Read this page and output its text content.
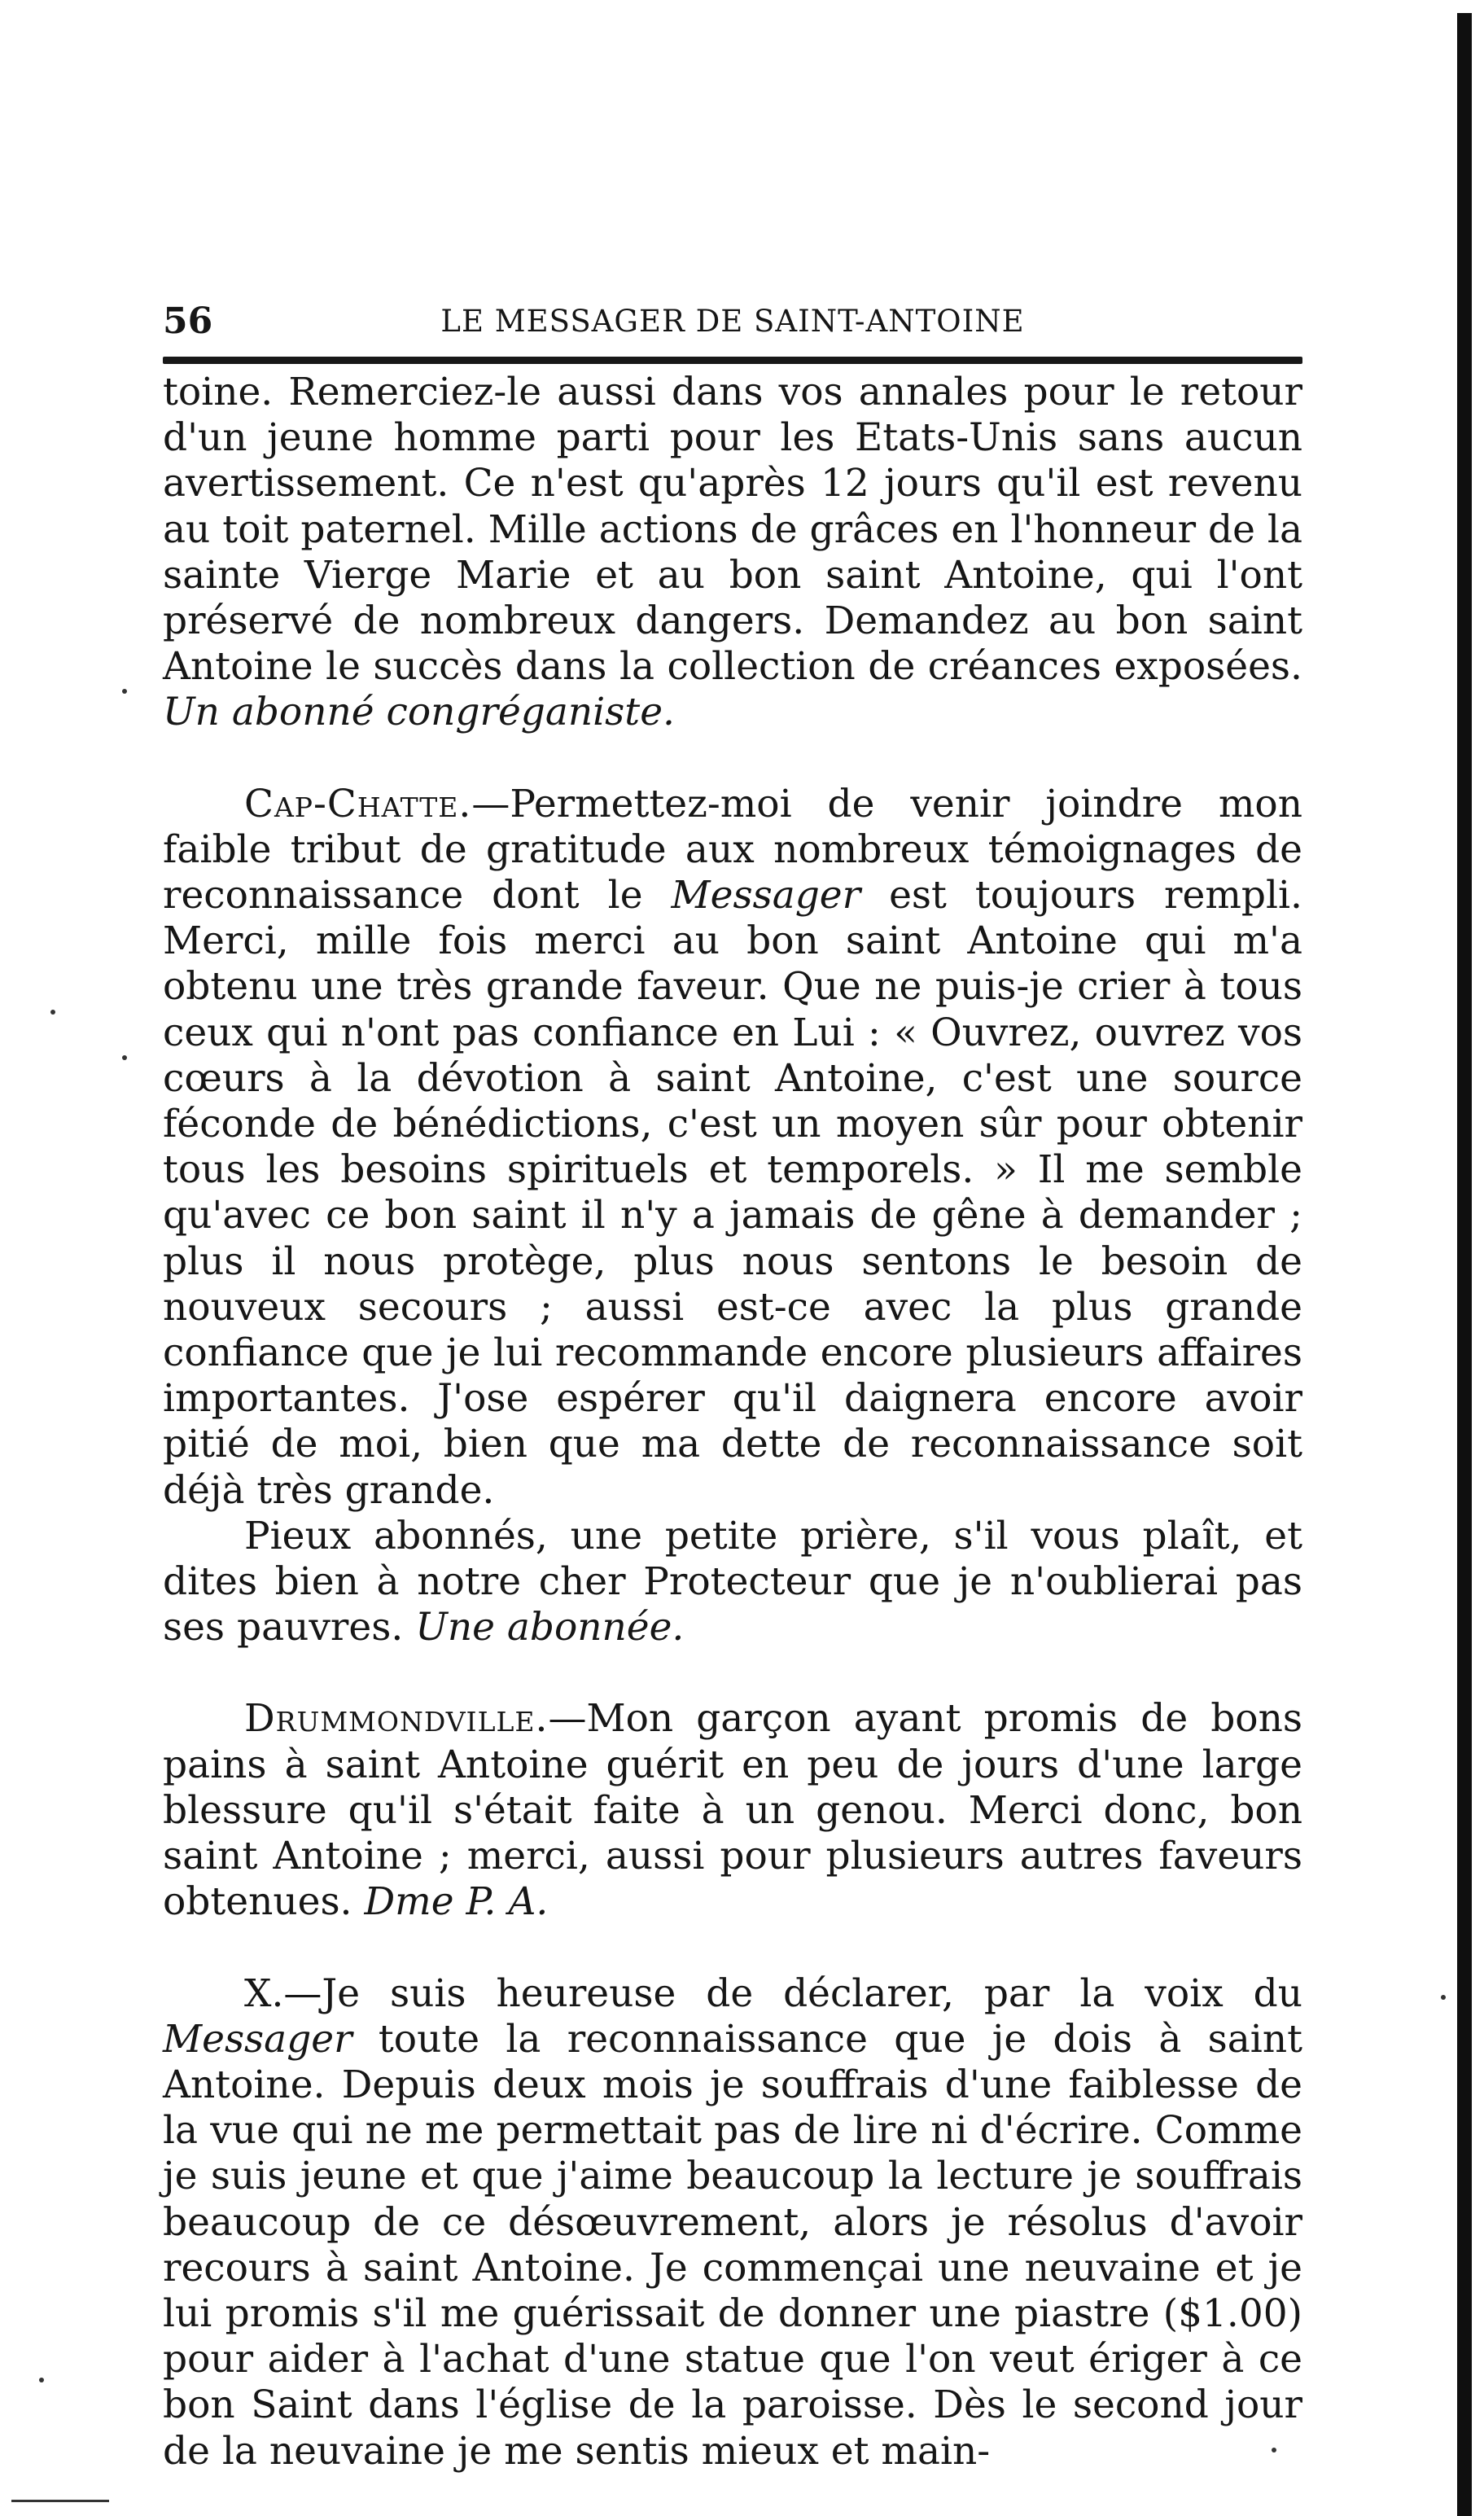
56	LE MESSAGER DE SAINT-ANTOINE

toine. Remerciez-le aussi dans vos annales pour le retour d'un jeune homme parti pour les Etats-Unis sans aucun avertissement. Ce n'est qu'après 12 jours qu'il est revenu au toit paternel. Mille actions de grâces en l'honneur de la sainte Vierge Marie et au bon saint Antoine, qui l'ont préservé de nombreux dangers. Demandez au bon saint Antoine le succès dans la collection de créances exposées. Un abonné congréganiste.

Cap-Chatte.—Permettez-moi de venir joindre mon faible tribut de gratitude aux nombreux témoignages de reconnaissance dont le Messager est toujours rempli. Merci, mille fois merci au bon saint Antoine qui m'a obtenu une très grande faveur. Que ne puis-je crier à tous ceux qui n'ont pas confiance en Lui : « Ouvrez, ouvrez vos cœurs à la dévotion à saint Antoine, c'est une source féconde de bénédictions, c'est un moyen sûr pour obtenir tous les besoins spirituels et temporels. » Il me semble qu'avec ce bon saint il n'y a jamais de gêne à demander ; plus il nous protège, plus nous sentons le besoin de nouveux secours ; aussi est-ce avec la plus grande confiance que je lui recommande encore plusieurs affaires importantes. J'ose espérer qu'il daignera encore avoir pitié de moi, bien que ma dette de reconnaissance soit déjà très grande.

Pieux abonnés, une petite prière, s'il vous plaît, et dites bien à notre cher Protecteur que je n'oublierai pas ses pauvres. Une abonnée.

Drummondville.—Mon garçon ayant promis de bons pains à saint Antoine guérit en peu de jours d'une large blessure qu'il s'était faite à un genou. Merci donc, bon saint Antoine ; merci, aussi pour plusieurs autres faveurs obtenues. Dme P. A.

X.—Je suis heureuse de déclarer, par la voix du Messager toute la reconnaissance que je dois à saint Antoine. Depuis deux mois je souffrais d'une faiblesse de la vue qui ne me permettait pas de lire ni d'écrire. Comme je suis jeune et que j'aime beaucoup la lecture je souffrais beaucoup de ce désœuvrement, alors je résolus d'avoir recours à saint Antoine. Je commençai une neuvaine et je lui promis s'il me guérissait de donner une piastre ($1.00) pour aider à l'achat d'une statue que l'on veut ériger à ce bon Saint dans l'église de la paroisse. Dès le second jour de la neuvaine je me sentis mieux et main-
